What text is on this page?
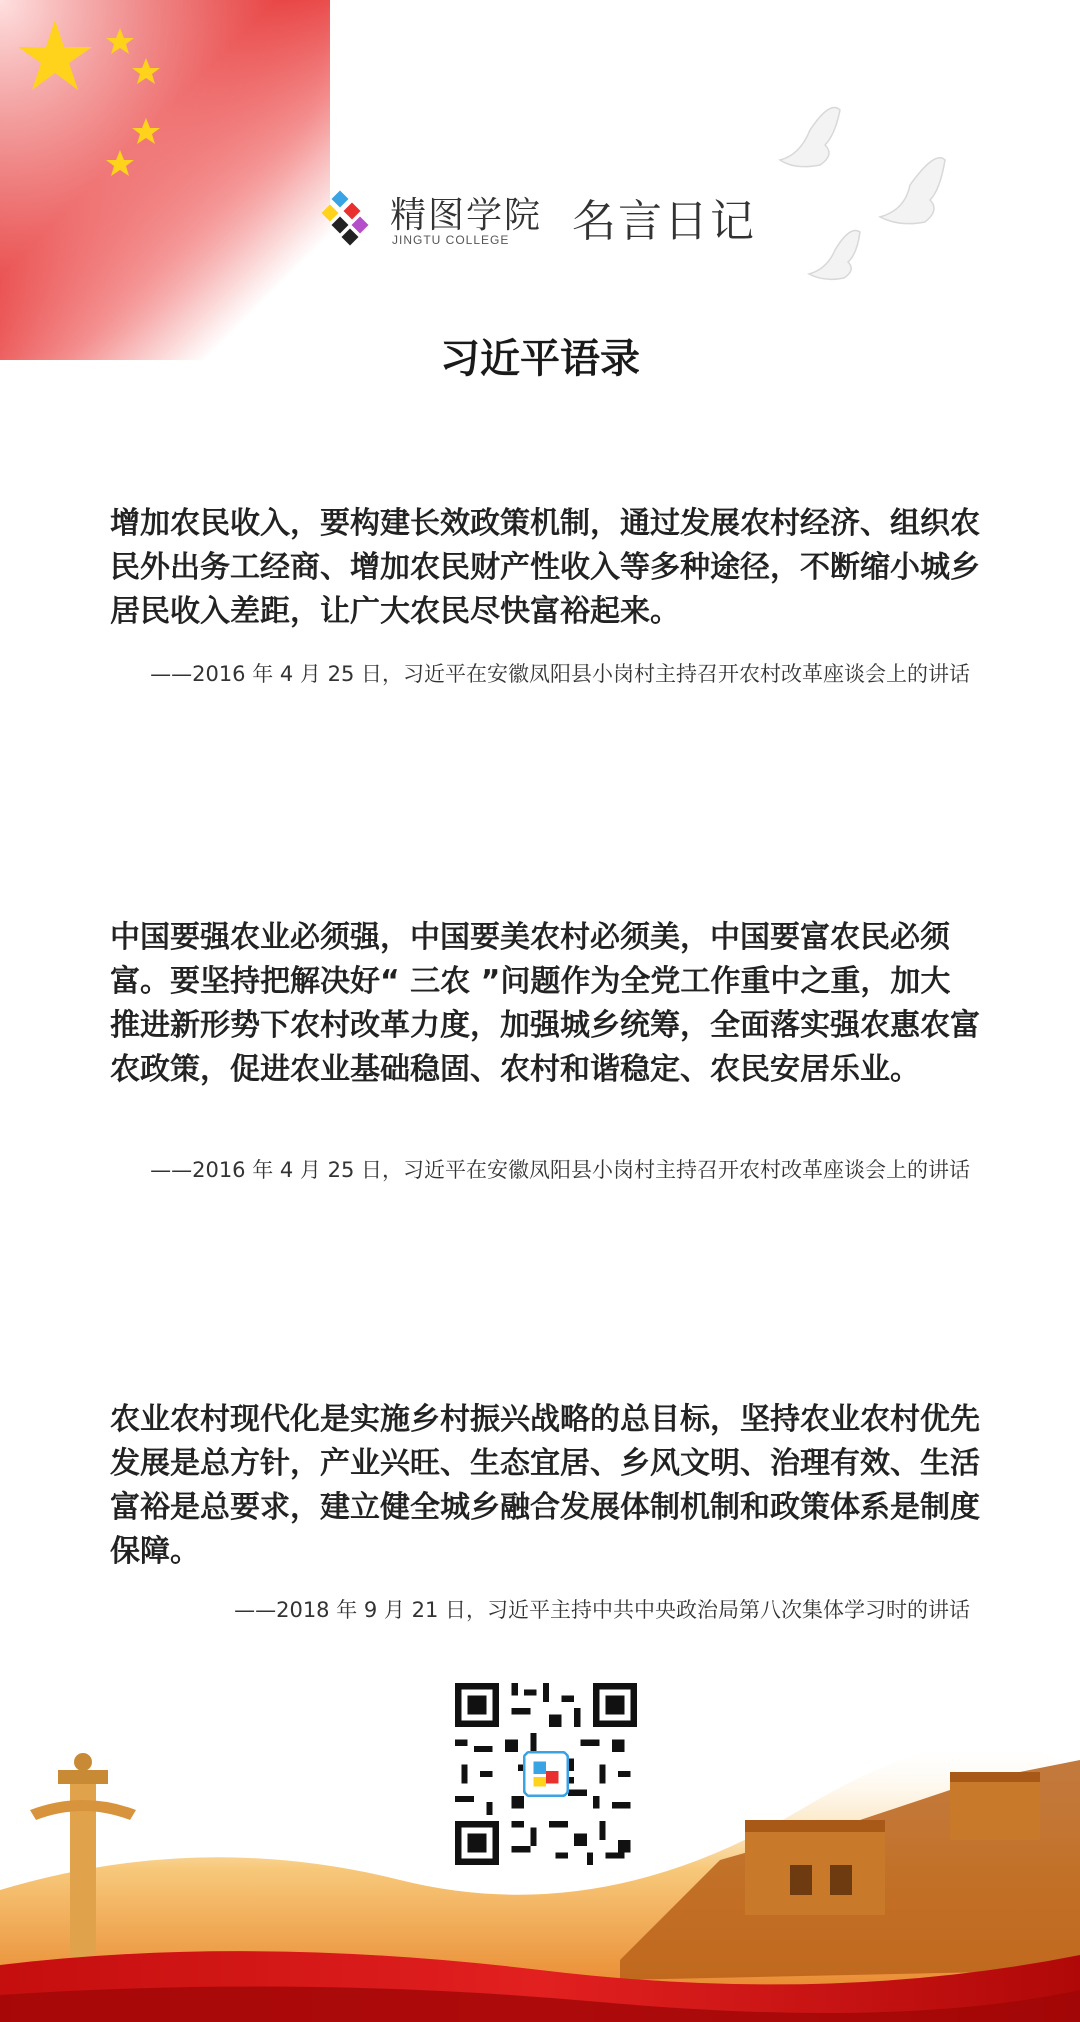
精图学院
JINGTU COLLEGE 名言日记
习近平语录
增加农民收入，要构建长效政策机制，通过发展农村经济、组织农民外出务工经商、增加农民财产性收入等多种途径，不断缩小城乡居民收入差距，让广大农民尽快富裕起来。
——2016 年 4 月 25 日，习近平在安徽凤阳县小岗村主持召开农村改革座谈会上的讲话
中国要强农业必须强，中国要美农村必须美，中国要富农民必须富。要坚持把解决好“ 三农 ”问题作为全党工作重中之重，加大推进新形势下农村改革力度，加强城乡统筹，全面落实强农惠农富农政策，促进农业基础稳固、农村和谐稳定、农民安居乐业。
——2016 年 4 月 25 日，习近平在安徽凤阳县小岗村主持召开农村改革座谈会上的讲话
农业农村现代化是实施乡村振兴战略的总目标，坚持农业农村优先发展是总方针，产业兴旺、生态宜居、乡风文明、治理有效、生活富裕是总要求，建立健全城乡融合发展体制机制和政策体系是制度保障。
——2018 年 9 月 21 日，习近平主持中共中央政治局第八次集体学习时的讲话
